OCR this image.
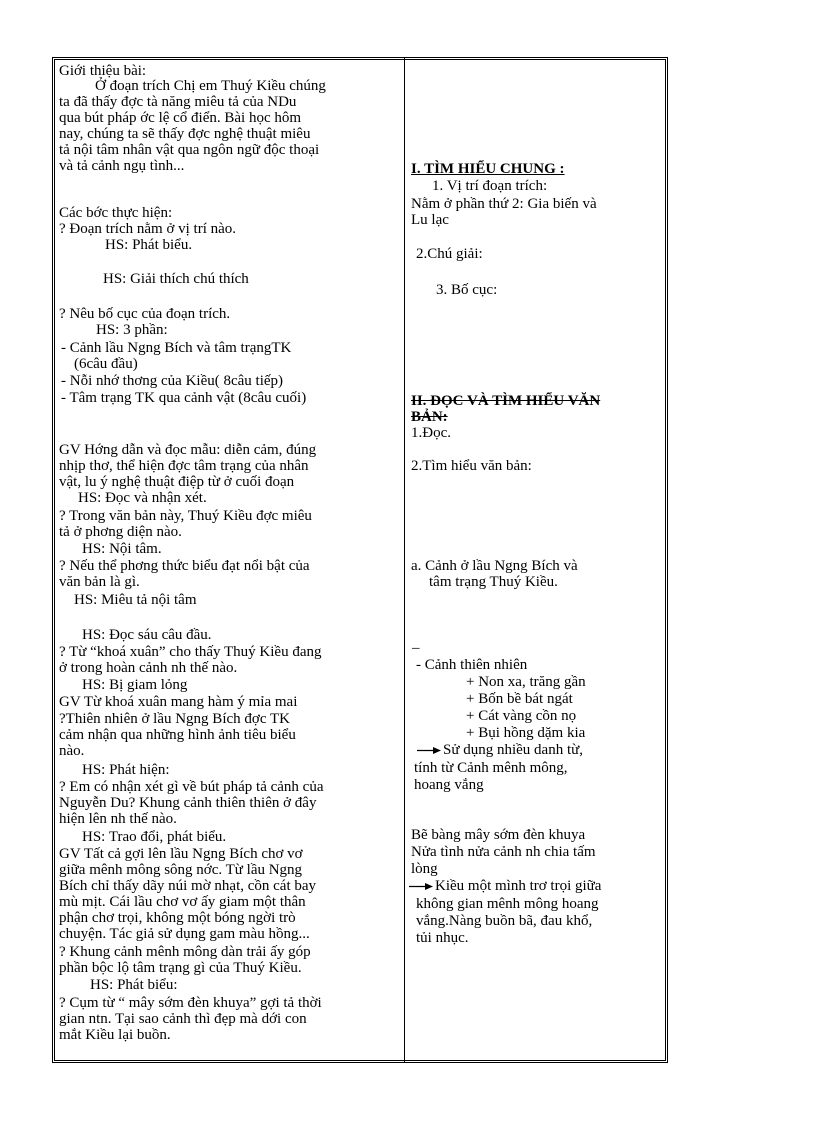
Giới thiệu bài:
Ở đoạn trích Chị em Thuý Kiều chúng
ta đã thấy đợc tà năng miêu tả của NDu
qua bút pháp ớc lệ cổ điển. Bài học hôm
nay, chúng ta sẽ thấy đợc nghệ thuật miêu
tả nội tâm nhân vật qua ngôn ngữ độc thoại
và tả cảnh ngụ tình...
Các bớc thực hiện:
? Đoạn trích nằm ở vị trí nào.
HS: Phát biểu.
HS: Giải thích chú thích
? Nêu bố cục của đoạn trích.
HS: 3 phần:
- Cảnh lầu Ngng Bích và tâm trạngTK
(6câu đầu)
- Nỗi nhớ thơng của Kiều( 8câu tiếp)
- Tâm trạng TK qua cảnh vật (8câu cuối)
GV Hớng dẫn và đọc mẫu: diễn cảm, đúng
nhịp thơ, thể hiện đợc tâm trạng của nhân
vật, lu ý nghệ thuật điệp từ ở cuối đoạn
HS: Đọc và nhận xét.
? Trong văn bản này, Thuý Kiều đợc miêu
tả ở phơng diện nào.
HS: Nội tâm.
? Nếu thể phơng thức biểu đạt nổi bật của
văn bản là gì.
HS: Miêu tả nội tâm
HS: Đọc sáu câu đầu.
? Từ “khoá xuân” cho thấy Thuý Kiều đang
ở trong hoàn cảnh nh thế nào.
HS: Bị giam lỏng
GV Từ khoá xuân mang hàm ý mỉa mai
?Thiên nhiên ở lầu Ngng Bích đợc TK
cảm nhận qua những hình ảnh tiêu biểu
nào.
HS: Phát hiện:
? Em có nhận xét gì về bút pháp tả cảnh của
Nguyễn Du? Khung cảnh thiên thiên ở đây
hiện lên nh thế nào.
HS: Trao đổi, phát biểu.
GV Tất cả gợi lên lầu Ngng Bích chơ vơ
giữa mênh mông sông nớc. Từ lầu Ngng
Bích chỉ thấy dãy núi mờ nhạt, cồn cát bay
mù mịt. Cái lầu chơ vơ ấy giam một thân
phận chơ trọi, không một bóng ngời trò
chuyện. Tác giả sử dụng gam màu hồng...
? Khung cảnh mênh mông dàn trải ấy góp
phần bộc lộ tâm trạng gì của Thuý Kiều.
HS: Phát biểu:
? Cụm từ “ mây sớm đèn khuya” gợi tả thời
gian ntn. Tại sao cảnh thì đẹp mà dới con
mắt Kiều lại buồn.
I. TÌM HIỂU CHUNG :
1. Vị trí đoạn trích:
Nằm ở phần thứ 2: Gia biến và
Lu lạc
2.Chú giải:
3. Bố cục:
II. ĐỌC VÀ TÌM HIỂU VĂN
BẢN:
1.Đọc.
2.Tìm hiểu văn bản:
a. Cảnh ở lầu Ngng Bích và
tâm trạng Thuý Kiều.
–
- Cảnh thiên nhiên
+ Non xa, trăng gần
+ Bốn bề bát ngát
+ Cát vàng cồn nọ
+ Bụi hồng dặm kia
Sử dụng nhiều danh từ,
tính từ Cảnh mênh mông,
hoang vắng
Bẽ bàng mây sớm đèn khuya
Nửa tình nửa cảnh nh chia tấm
lòng
Kiều một mình trơ trọi giữa
không gian mênh mông hoang
vắng.Nàng buồn bã, đau khổ,
tủi nhục.
